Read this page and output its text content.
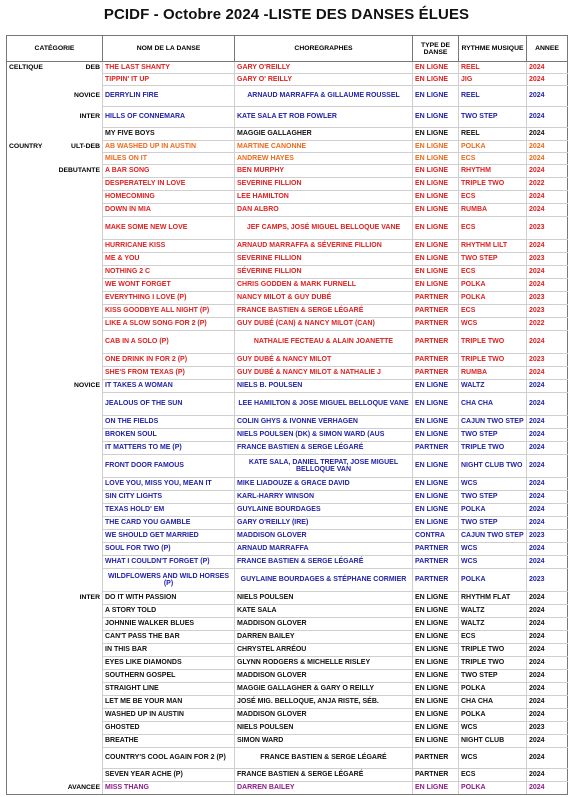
PCIDF - Octobre 2024 -LISTE DES DANSES ÉLUES
CATÉGORIE	NOM DE LA DANSE	CHOREGRAPHES	TYPE DE DANSE	RYTHME MUSIQUE	ANNEE

CELTIQUE DEB	THE LAST SHANTY	GARY O'REILLY	EN LIGNE	REEL	2024

	TIPPIN' IT UP	GARY O' REILLY	EN LIGNE	JIG	2024

NOVICE	DERRYLIN FIRE	ARNAUD MARRAFFA & GILLAUME ROUSSEL	EN LIGNE	REEL	2024

INTER	HILLS OF CONNEMARA	KATE SALA ET ROB FOWLER	EN LIGNE	TWO STEP	2024

	MY FIVE BOYS	MAGGIE GALLAGHER	EN LIGNE	REEL	2024

COUNTRY ULT-DEB	AB WASHED UP IN AUSTIN	MARTINE CANONNE	EN LIGNE	POLKA	2024

	MILES ON IT	ANDREW HAYES	EN LIGNE	ECS	2024

DEBUTANTE	A BAR SONG	BEN MURPHY	EN LIGNE	RHYTHM	2024

	DESPERATELY IN LOVE	SEVERINE FILLION	EN LIGNE	TRIPLE TWO	2022

	HOMECOMING	LEE HAMILTON	EN LIGNE	ECS	2024

	DOWN IN MIA	DAN ALBRO	EN LIGNE	RUMBA	2024

	MAKE SOME NEW LOVE	JEF CAMPS, JOSÉ MIGUEL BELLOQUE VANE	EN LIGNE	ECS	2023

	HURRICANE KISS	ARNAUD MARRAFFA & SÉVERINE FILLION	EN LIGNE	RHYTHM LILT	2024

	ME & YOU	SEVERINE FILLION	EN LIGNE	TWO STEP	2023

	NOTHING 2 C	SÉVERINE FILLION	EN LIGNE	ECS	2024

	WE WONT FORGET	CHRIS GODDEN & MARK FURNELL	EN LIGNE	POLKA	2024

	EVERYTHING I LOVE (P)	NANCY MILOT & GUY DUBÉ	PARTNER	POLKA	2023

	KISS GOODBYE ALL NIGHT (P)	FRANCE BASTIEN & SERGE LÉGARÉ	PARTNER	ECS	2023

	LIKE A SLOW SONG FOR 2 (P)	GUY DUBÉ (CAN) & NANCY MILOT (CAN)	PARTNER	WCS	2022

	CAB IN A SOLO (P)	NATHALIE FECTEAU & ALAIN JOANETTE	PARTNER	TRIPLE TWO	2024

	ONE DRINK IN FOR 2 (P)	GUY DUBÉ & NANCY MILOT	PARTNER	TRIPLE TWO	2023

	SHE'S FROM TEXAS (P)	GUY DUBÉ & NANCY MILOT & NATHALIE J	PARTNER	RUMBA	2024

NOVICE	IT TAKES A WOMAN	NIELS B. POULSEN	EN LIGNE	WALTZ	2024

	JEALOUS OF THE SUN	LEE HAMILTON & JOSE MIGUEL BELLOQUE VANE	EN LIGNE	CHA CHA	2024

	ON THE FIELDS	COLIN GHYS & IVONNE VERHAGEN	EN LIGNE	CAJUN TWO STEP	2024

	BROKEN SOUL	NIELS POULSEN (DK) & SIMON WARD (AUS	EN LIGNE	TWO STEP	2024

	IT MATTERS TO ME (P)	FRANCE BASTIEN & SERGE LÉGARÉ	PARTNER	TRIPLE TWO	2024

	FRONT DOOR FAMOUS	KATE SALA, DANIEL TREPAT, JOSE MIGUEL BELLOQUE VAN	EN LIGNE	NIGHT CLUB TWO	2024

	LOVE YOU, MISS YOU, MEAN IT	MIKE LIADOUZE & GRACE DAVID	EN LIGNE	WCS	2024

	SIN CITY LIGHTS	KARL-HARRY WINSON	EN LIGNE	TWO STEP	2024

	TEXAS HOLD' EM	GUYLAINE BOURDAGES	EN LIGNE	POLKA	2024

	THE CARD YOU GAMBLE	GARY O'REILLY (IRE)	EN LIGNE	TWO STEP	2024

	WE SHOULD GET MARRIED	MADDISON GLOVER	CONTRA	CAJUN TWO STEP	2023

	SOUL FOR TWO (P)	ARNAUD MARRAFFA	PARTNER	WCS	2024

	WHAT I COULDN'T FORGET (P)	FRANCE BASTIEN & SERGE LÉGARÉ	PARTNER	WCS	2024

	WILDFLOWERS AND WILD HORSES (P)	GUYLAINE BOURDAGES & STÉPHANE CORMIER	PARTNER	POLKA	2023

INTER	DO IT WITH PASSION	NIELS POULSEN	EN LIGNE	RHYTHM FLAT	2024

	A STORY TOLD	KATE SALA	EN LIGNE	WALTZ	2024

	JOHNNIE WALKER BLUES	MADDISON GLOVER	EN LIGNE	WALTZ	2024

	CAN'T PASS THE BAR	DARREN BAILEY	EN LIGNE	ECS	2024

	IN THIS BAR	CHRYSTEL ARRÉOU	EN LIGNE	TRIPLE TWO	2024

	EYES LIKE DIAMONDS	GLYNN RODGERS & MICHELLE RISLEY	EN LIGNE	TRIPLE TWO	2024

	SOUTHERN GOSPEL	MADDISON GLOVER	EN LIGNE	TWO STEP	2024

	STRAIGHT LINE	MAGGIE GALLAGHER & GARY O REILLY	EN LIGNE	POLKA	2024

	LET ME BE YOUR MAN	JOSÉ MIG. BELLOQUE, ANJA RISTE, SÉB.	EN LIGNE	CHA CHA	2024

	WASHED UP IN AUSTIN	MADDISON GLOVER	EN LIGNE	POLKA	2024

	GHOSTED	NIELS POULSEN	EN LIGNE	WCS	2023

	BREATHE	SIMON WARD	EN LIGNE	NIGHT CLUB	2024

	COUNTRY'S COOL AGAIN FOR 2 (P)	FRANCE BASTIEN & SERGE LÉGARÉ	PARTNER	WCS	2024

	SEVEN YEAR ACHE (P)	FRANCE BASTIEN & SERGE LÉGARÉ	PARTNER	ECS	2024

AVANCEE	MISS THANG	DARREN BAILEY	EN LIGNE	POLKA	2024
